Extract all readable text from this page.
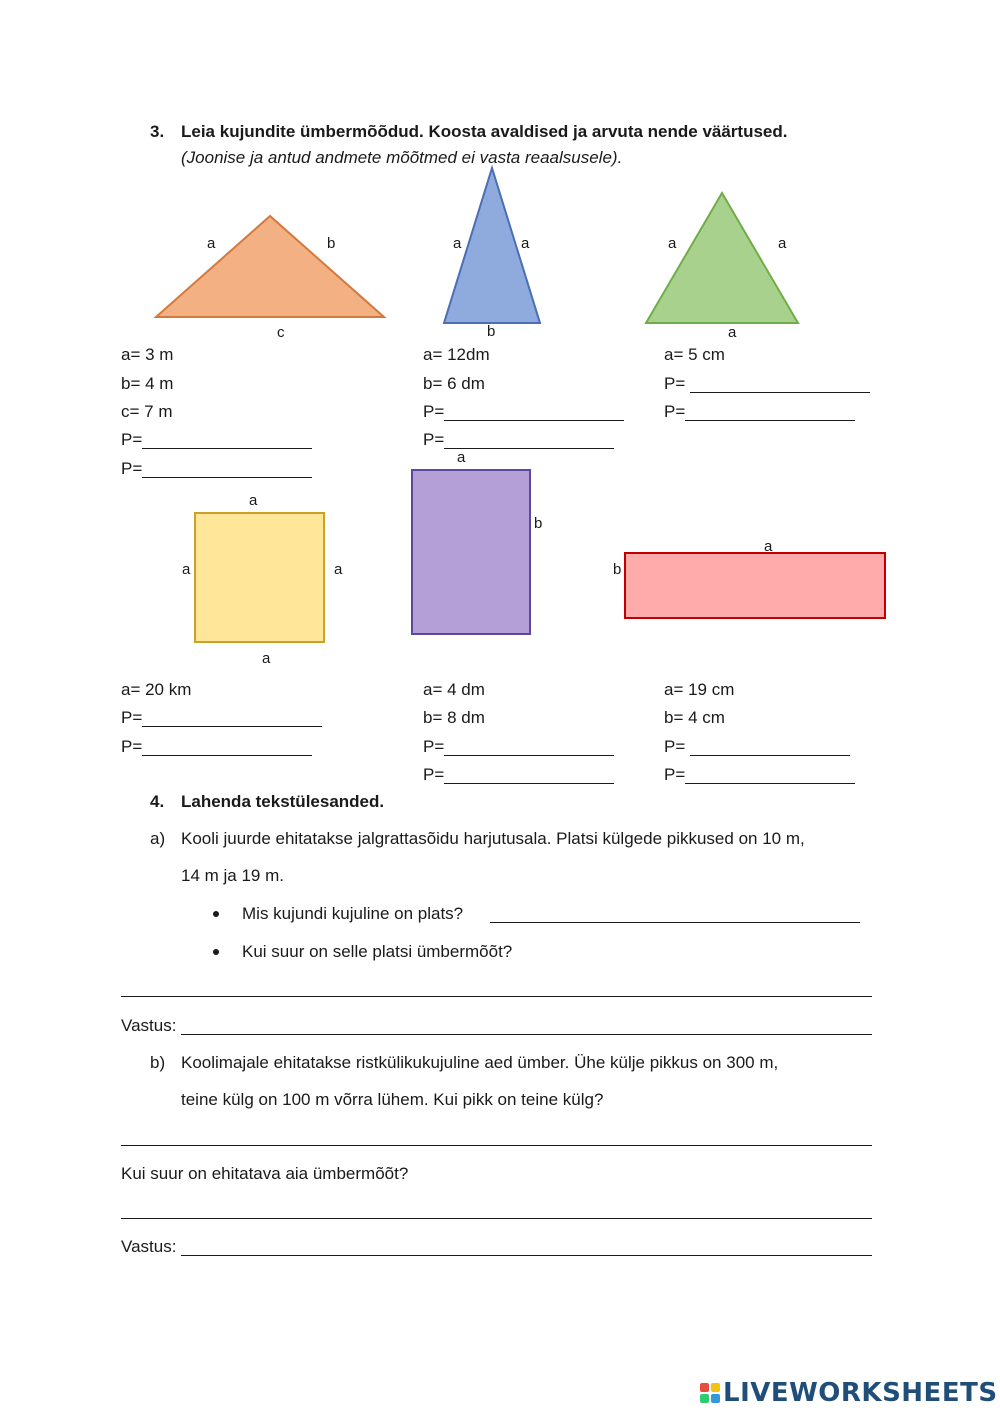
3. Leia kujundite ümbermõõdud. Koosta avaldised ja arvuta nende väärtused.
(Joonise ja antud andmete mõõtmed ei vasta reaalsusele).
a	b
c
a	a
b
a	a
a
a
a	a
a
a
b
a
b
a= 3 m
b= 4 m
c= 7 m
P=
P=
a= 12dm
b= 6 dm
P=
P=
a= 5 cm
P=
P=
a= 20 km
P=
P=
a= 4 dm
b= 8 dm
P=
P=
a= 19 cm
b= 4 cm
P=
P=
4. Lahenda tekstülesanded.
a) Kooli juurde ehitatakse jalgrattasõidu harjutusala. Platsi külgede pikkused on 10 m,
14 m ja 19 m.
Mis kujundi kujuline on plats?
Kui suur on selle platsi ümbermõõt?
Vastus:
b) Koolimajale ehitatakse ristkülikukujuline aed ümber. Ühe külje pikkus on 300 m,
teine külg on 100 m võrra lühem. Kui pikk on teine külg?
Kui suur on ehitatava aia ümbermõõt?
Vastus:
LIVEWORKSHEETS
